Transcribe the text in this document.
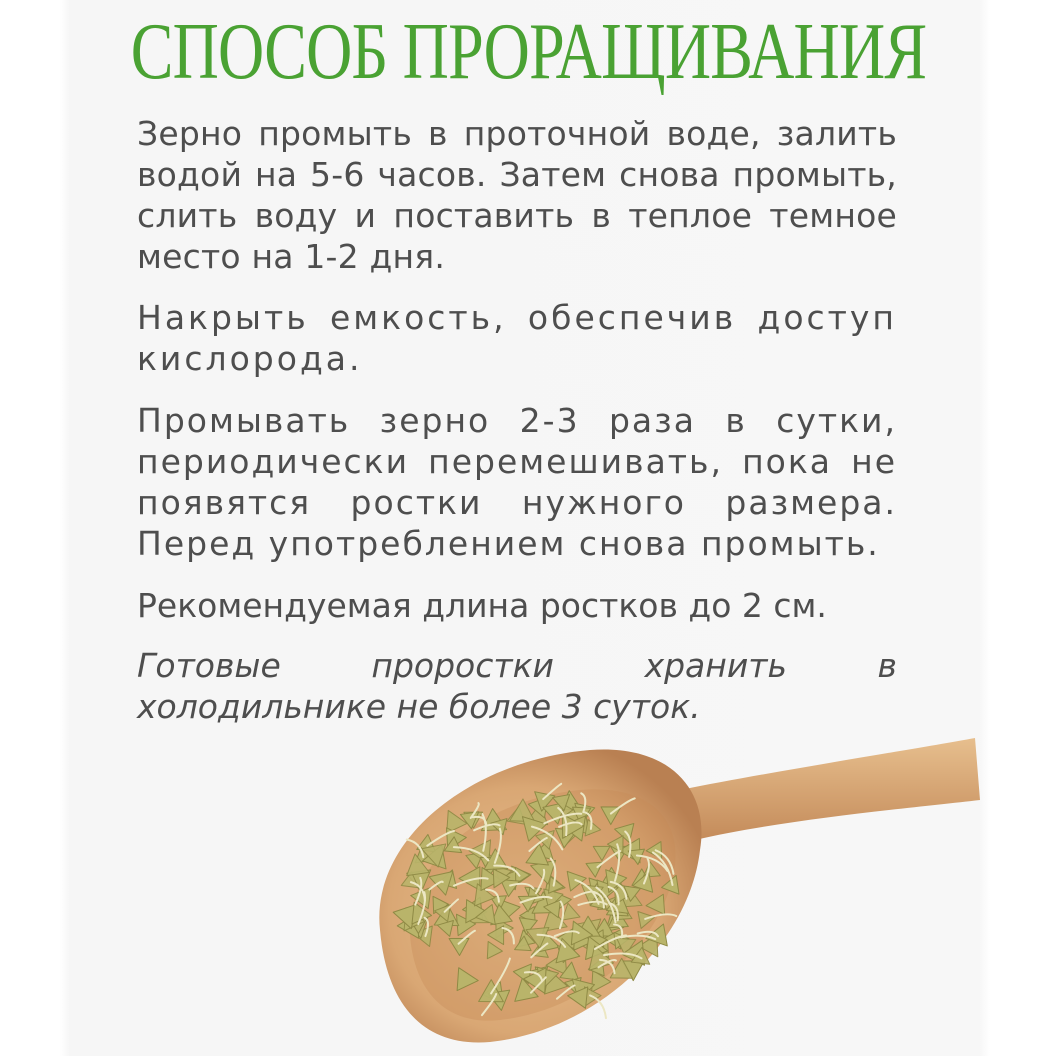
СПОСОБ ПРОРАЩИВАНИЯ
Зерно промыть в проточной воде, залить водой на 5-6 часов. Затем снова промыть, слить воду и поставить в теплое темное место на 1-2 дня.
Накрыть емкость, обеспечив доступ кислорода.
Промывать зерно 2-3 раза в сутки, периодически перемешивать, пока не появятся ростки нужного размера. Перед употреблением снова промыть.
Рекомендуемая длина ростков до 2 см.
Готовые проростки хранить в холодильнике не более 3 суток.
